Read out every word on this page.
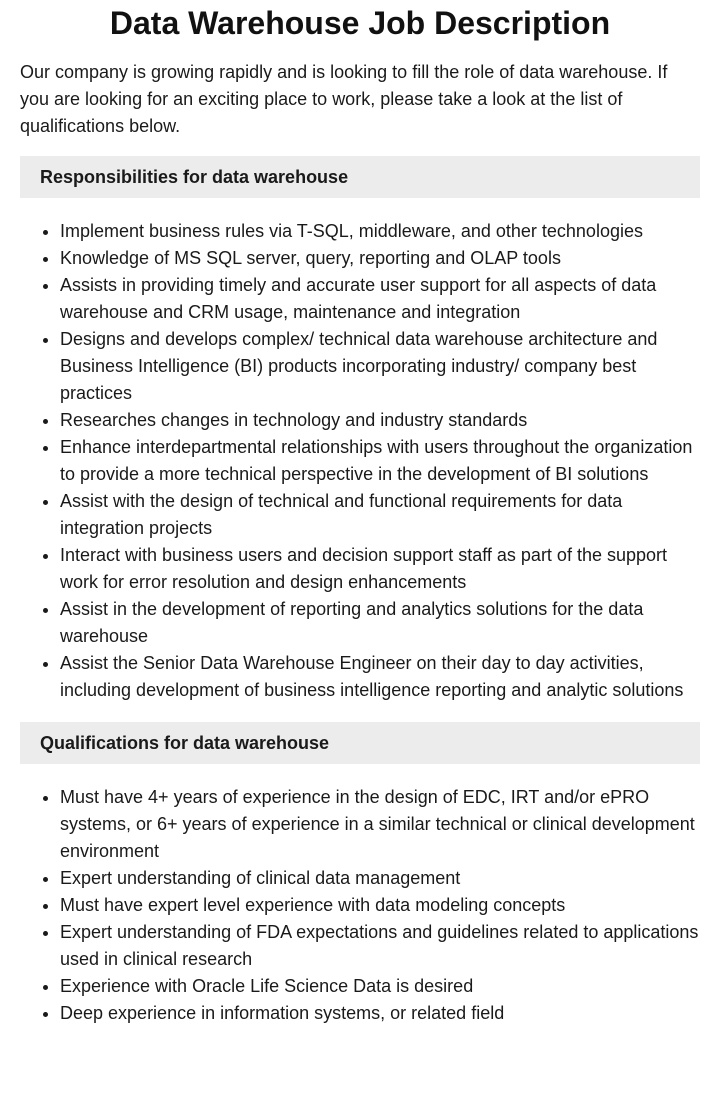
Data Warehouse Job Description

Our company is growing rapidly and is looking to fill the role of data warehouse. If you are looking for an exciting place to work, please take a look at the list of qualifications below.

Responsibilities for data warehouse
• Implement business rules via T-SQL, middleware, and other technologies
• Knowledge of MS SQL server, query, reporting and OLAP tools
• Assists in providing timely and accurate user support for all aspects of data warehouse and CRM usage, maintenance and integration
• Designs and develops complex/ technical data warehouse architecture and Business Intelligence (BI) products incorporating industry/ company best practices
• Researches changes in technology and industry standards
• Enhance interdepartmental relationships with users throughout the organization to provide a more technical perspective in the development of BI solutions
• Assist with the design of technical and functional requirements for data integration projects
• Interact with business users and decision support staff as part of the support work for error resolution and design enhancements
• Assist in the development of reporting and analytics solutions for the data warehouse
• Assist the Senior Data Warehouse Engineer on their day to day activities, including development of business intelligence reporting and analytic solutions
Qualifications for data warehouse
• Must have 4+ years of experience in the design of EDC, IRT and/or ePRO systems, or 6+ years of experience in a similar technical or clinical development environment
• Expert understanding of clinical data management
• Must have expert level experience with data modeling concepts
• Expert understanding of FDA expectations and guidelines related to applications used in clinical research
• Experience with Oracle Life Science Data is desired
• Deep experience in information systems, or related field
